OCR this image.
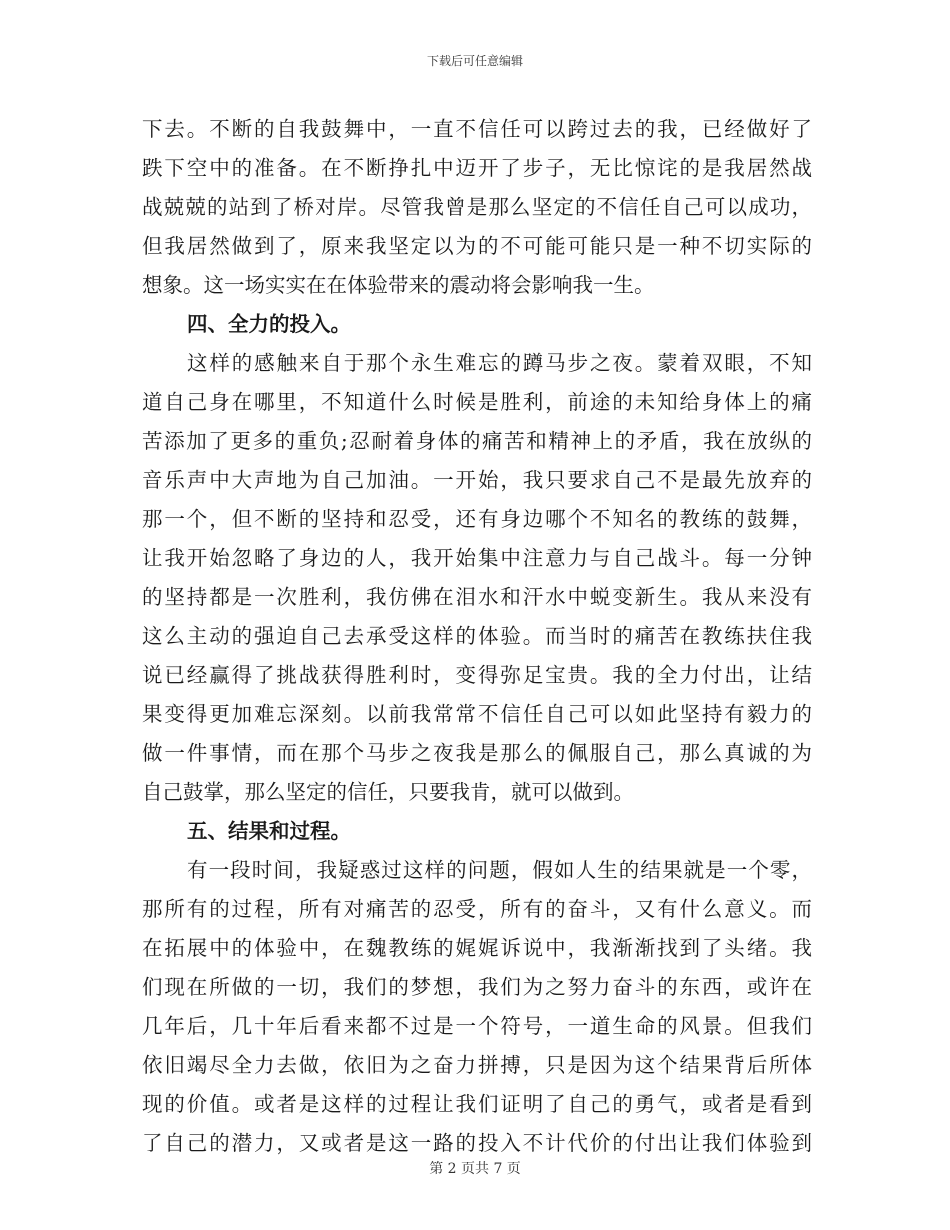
下载后可任意编辑
下去。不断的自我鼓舞中，一直不信任可以跨过去的我，已经做好了
跌下空中的准备。在不断挣扎中迈开了步子，无比惊诧的是我居然战
战兢兢的站到了桥对岸。尽管我曾是那么坚定的不信任自己可以成功，
但我居然做到了，原来我坚定以为的不可能可能只是一种不切实际的
想象。这一场实实在在体验带来的震动将会影响我一生。
四、全力的投入。
这样的感触来自于那个永生难忘的蹲马步之夜。蒙着双眼，不知
道自己身在哪里，不知道什么时候是胜利，前途的未知给身体上的痛
苦添加了更多的重负;忍耐着身体的痛苦和精神上的矛盾，我在放纵的
音乐声中大声地为自己加油。一开始，我只要求自己不是最先放弃的
那一个，但不断的坚持和忍受，还有身边哪个不知名的教练的鼓舞，
让我开始忽略了身边的人，我开始集中注意力与自己战斗。每一分钟
的坚持都是一次胜利，我仿佛在泪水和汗水中蜕变新生。我从来没有
这么主动的强迫自己去承受这样的体验。而当时的痛苦在教练扶住我
说已经赢得了挑战获得胜利时，变得弥足宝贵。我的全力付出，让结
果变得更加难忘深刻。以前我常常不信任自己可以如此坚持有毅力的
做一件事情，而在那个马步之夜我是那么的佩服自己，那么真诚的为
自己鼓掌，那么坚定的信任，只要我肯，就可以做到。
五、结果和过程。
有一段时间，我疑惑过这样的问题，假如人生的结果就是一个零，
那所有的过程，所有对痛苦的忍受，所有的奋斗，又有什么意义。而
在拓展中的体验中，在魏教练的娓娓诉说中，我渐渐找到了头绪。我
们现在所做的一切，我们的梦想，我们为之努力奋斗的东西，或许在
几年后，几十年后看来都不过是一个符号，一道生命的风景。但我们
依旧竭尽全力去做，依旧为之奋力拼搏，只是因为这个结果背后所体
现的价值。或者是这样的过程让我们证明了自己的勇气，或者是看到
了自己的潜力，又或者是这一路的投入不计代价的付出让我们体验到
第 2 页共 7 页
